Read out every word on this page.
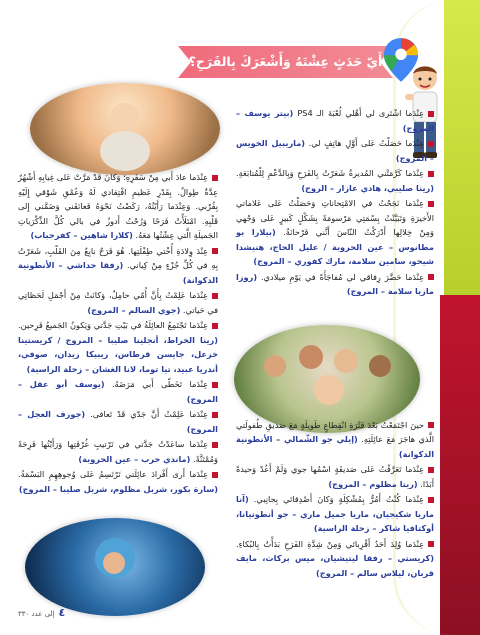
أَيّ حَدَثٍ عِشْتَهُ وَأَشْعَرَكَ بِالفَرَحِ؟

عِنْدَما اشْتَرى لي أَهْلي لُعْبَةَ الـ PS4 (بيتر يوسف – المروج)

عِنْدَما حَصَلْتُ عَلى أَوَّلِ هاتِفٍ لي. (ماريبيل الخويس – المروج)

عِنْدَما كَرَّمَتْني المُديرةُ شَعَرْتُ بِالفَرَحِ وَبِالدَّعْمِ لِلْمُتابَعَةِ. (رينا صليبي، هادي عازار – الروح)

عِنْدَما نَجَحْتُ في الامْتِحاناتِ وَحَصَلْتُ عَلى عَلاماتي الأَخيرَةِ وَتَبَيَّنْتُ بِسْمَتِي مَرْسومَةً بِشَكْلٍ كَبيرٍ عَلى وَجْهي وَمِنْ خِلالِها أَدْرَكْتُ النّاسَ أَنَّني فَرْحانَةٌ. (بيلارا بو مطانوس – عين الحروبة / عليل الحاج، هنيشدا شيحو، سامين سلامة، مارك كفوري – المروج)

عِنْدَما حَضَّرَ رِفاقي لي مُفاجَأَةً في يَوْمِ ميلادي. (روزا ماريا سلامة – المروج)

حينَ اجْتَمَعْتُ بَعْدَ فَتْرَةِ انْقِطاعٍ طَويلَةٍ مَعَ صَديقِ طُفولَتي الَّذي هاجَرَ مَعَ عائِلَتِهِ. (إيلي جو الشّمالي – الأنطونية الدكوانة)

عِنْدَما تَعَرَّفْتُ عَلى صَديقَةٍ اسْمُها جوي وَلَمْ أَعُدْ وَحيدةً أَبَدًا. (ريتا مظلوم – المروج)

عِنْدَما كُنْتُ أَمُرُّ بِمُشْكِلَةٍ وَكانَ أَصْدِقائي بِجانِبي. (آنا ماريا شكيجيان، ماريا جميل ماري – جو أنطونيانا، أوكتافيا شاكر – زحلة الراسية)

عِنْدَما وُلِدَ أَحَدُ أَقْرِبائي وَمِنْ شِدَّةِ الفَرَحِ بَدَأْتُ بِالبُكاءِ. (كريستي – رفقا ليتيشيان، ميس بركات، مايف قربان، ليلاس سالم – المروج)

عِنْدَما عادَ أَبي مِنْ سَفَرِهِ؛ وَكانَ قَدْ مَرَّتْ عَلى غِيابِهِ أَشْهُرٌ عِدَّةٌ طِوالٌ. بِقَدْرِ عَظيمِ افْتِقادي لَهُ وَعُمْقِ شَوْقي إِلَيْهِ بِقُرْبي. وَعِنْدَما رَأَيْتُهُ، رَكَضْتُ نَحْوَهُ فَعانَقَني وَضَمَّني إِلى قَلْبِهِ. امْتَلَأْتُ فَرَحًا وَرُحْتُ أَدوزُ في بالي كُلَّ الذِّكْرَياتِ الجَميلَةِ الَّتي عِشْتُها مَعَهُ. (كلارا شاهين – كفرحباب)

عِنْدَ وِلادَةِ أُخْتي طِفْلَتِها. هُوَ فَرَحٌ نابِعٌ مِنَ القَلْبِ، شَعَرْتُ بِهِ في كُلِّ جُزْءٍ مِنْ كِياني. (رفقا حداشي – الأنطونية الدكوانة)

عِنْدَما عَلِمْتُ بِأَنَّ أُمّي حامِلٌ، وَكانَتْ مِنْ أَجْمَلِ لَحَظاتِي في حَياتي. (جوي السالم – المروج)

عِنْدَما تَجْتَمِعُ العائِلَةُ في بَيْتِ جَدَّتي وَيَكونُ الجَميعُ فَرِحين. (رينا الخراط، أنجلينا صليبا – المروج / كريستينا خزعل، جايسن قرطاس، ريبيكا زيدان، صوفي، أندريا عبيد، تيا توما، لانا الغشان – زحلة الراسية)

عِنْدَما تَخَطّى أَبي مَرَضَهُ. (يوسف أبو عقل – المروج)

عِنْدَما عَلِمْتُ أَنَّ جَدّي قَدْ تَعافى. (جوزف العجل – المروج)

عِنْدَما ساعَدْتُ جَدَّتي في تَرْتيبِ غُرْفَتِها وَرَأَيْتُها فَرِحَةً وَمُمْتَنَّةً. (ماندي حرب – عين الحروبة)

عِنْدَما أَرى أَفْرادَ عائِلَتي تَرْتَسِمُ عَلى وُجوهِهِمِ البَسْمَةُ. (سارة بكور، شربل مظلوم، شربل صليبا – المروج)

٤ إلى عدد ٣٣٠
